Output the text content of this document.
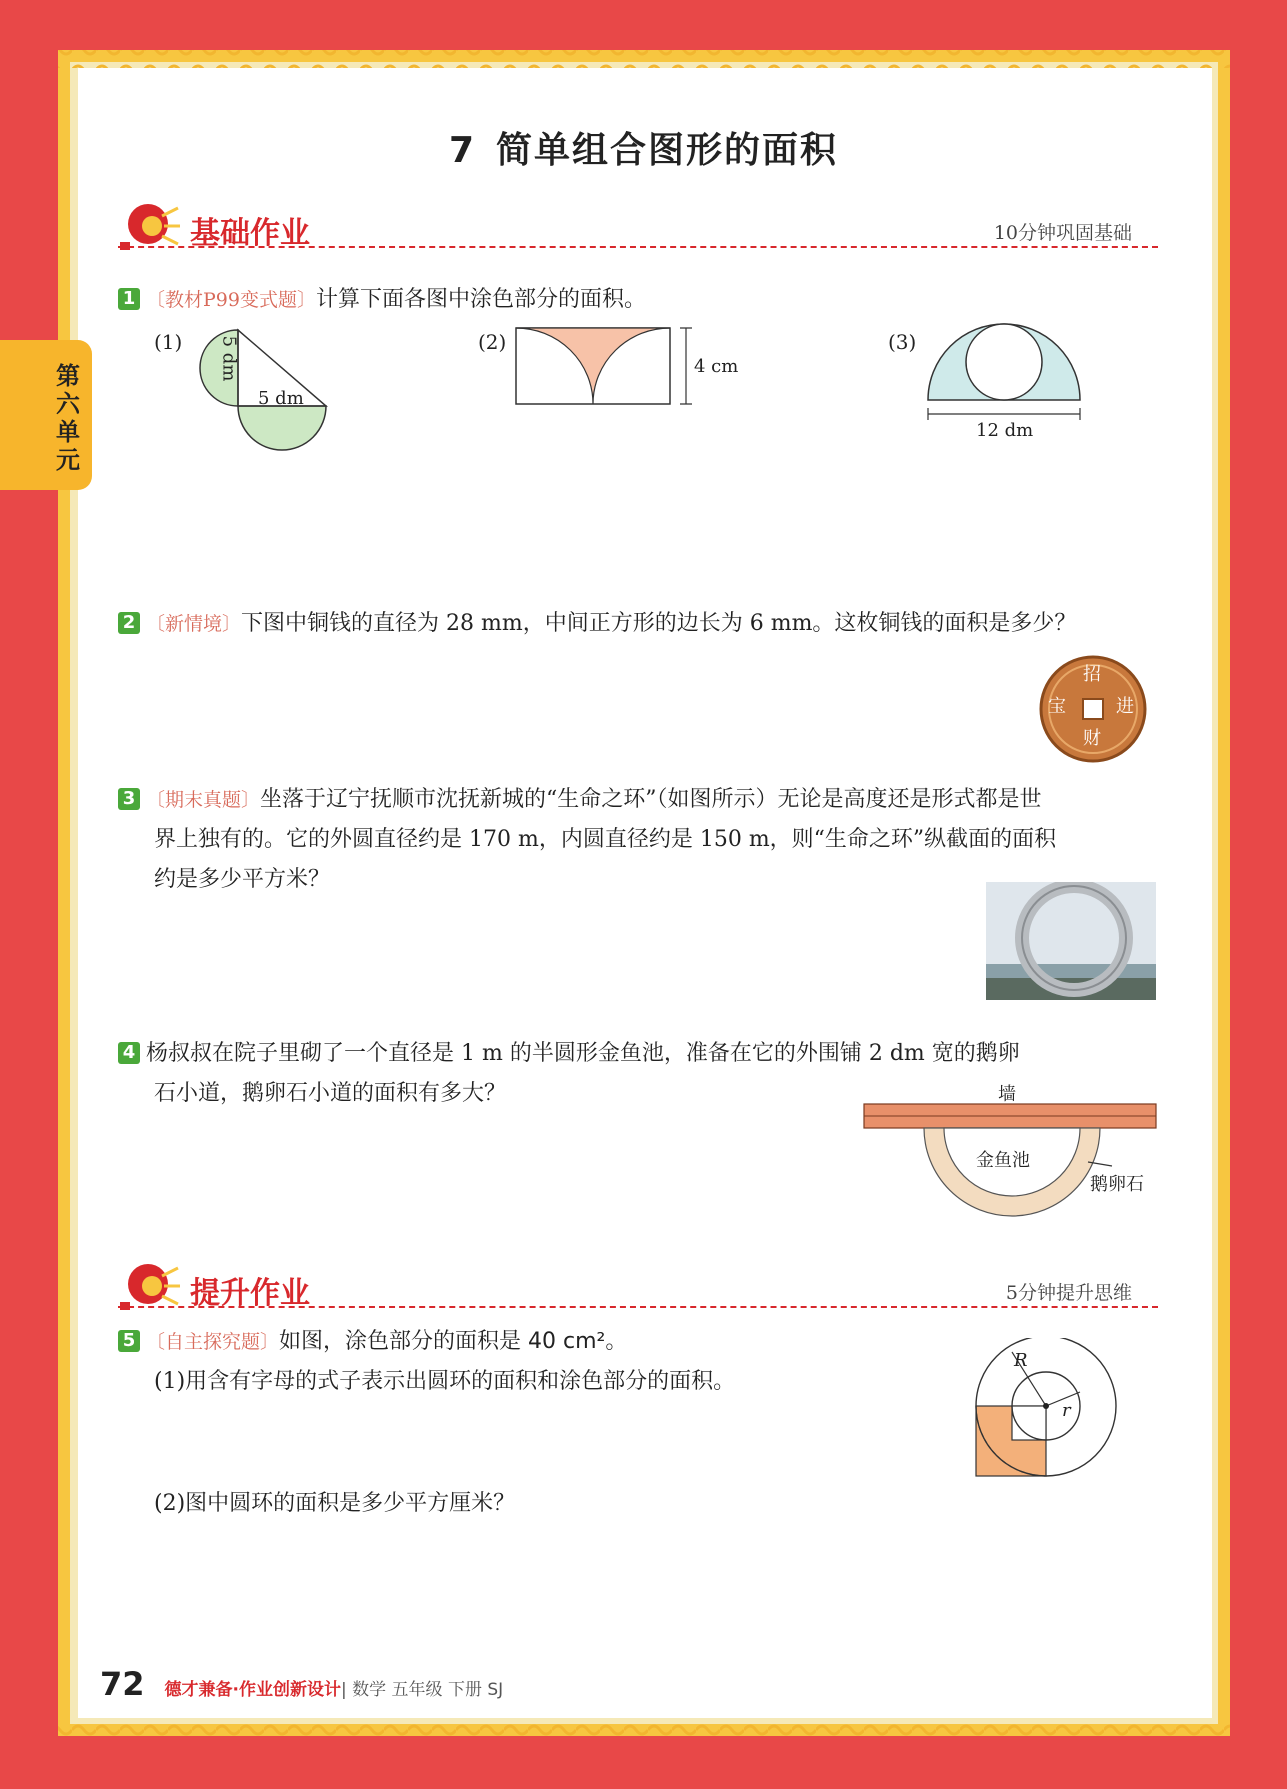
第六单元
7 简单组合图形的面积
基础作业	10分钟巩固基础
1 〔教材P99变式题〕计算下面各图中涂色部分的面积。
(1) 5 dm
5 dm
(2)
4 cm
(3)
12 dm
2 〔新情境〕下图中铜钱的直径为 28 mm，中间正方形的边长为 6 mm。这枚铜钱的面积是多少？
招
进
财
宝
3 〔期末真题〕坐落于辽宁抚顺市沈抚新城的“生命之环”（如图所示）无论是高度还是形式都是世
界上独有的。它的外圆直径约是 170 m，内圆直径约是 150 m，则“生命之环”纵截面的面积
约是多少平方米？
4 杨叔叔在院子里砌了一个直径是 1 m 的半圆形金鱼池，准备在它的外围铺 2 dm 宽的鹅卵
石小道，鹅卵石小道的面积有多大？	墙
金鱼池
鹅卵石
提升作业	5分钟提升思维
5 〔自主探究题〕如图，涂色部分的面积是 40 cm²。
(1)用含有字母的式子表示出圆环的面积和涂色部分的面积。
(2)图中圆环的面积是多少平方厘米？
R
r
72 德才兼备·作业创新设计| 数学 五年级 下册 SJ
